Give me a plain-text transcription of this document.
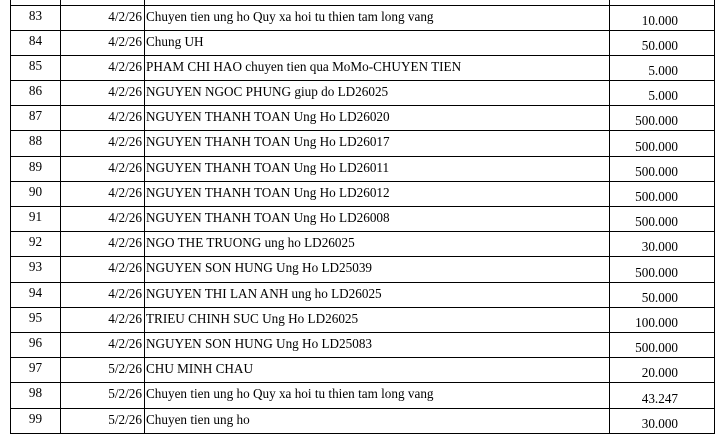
83	4/2/26	Chuyen tien ung ho Quy xa hoi tu thien tam long vang	10.000
84	4/2/26	Chung UH	50.000
85	4/2/26	PHAM CHI HAO chuyen tien qua MoMo-CHUYEN TIEN	5.000
86	4/2/26	NGUYEN NGOC PHUNG giup do LD26025	5.000
87	4/2/26	NGUYEN THANH TOAN Ung Ho LD26020	500.000
88	4/2/26	NGUYEN THANH TOAN Ung Ho LD26017	500.000
89	4/2/26	NGUYEN THANH TOAN Ung Ho LD26011	500.000
90	4/2/26	NGUYEN THANH TOAN Ung Ho LD26012	500.000
91	4/2/26	NGUYEN THANH TOAN Ung Ho LD26008	500.000
92	4/2/26	NGO THE TRUONG ung ho LD26025	30.000
93	4/2/26	NGUYEN SON HUNG Ung Ho LD25039	500.000
94	4/2/26	NGUYEN THI LAN ANH ung ho LD26025	50.000
95	4/2/26	TRIEU CHINH SUC Ung Ho LD26025	100.000
96	4/2/26	NGUYEN SON HUNG Ung Ho LD25083	500.000
97	5/2/26	CHU MINH CHAU	20.000
98	5/2/26	Chuyen tien ung ho Quy xa hoi tu thien tam long vang	43.247
99	5/2/26	Chuyen tien ung ho	30.000
